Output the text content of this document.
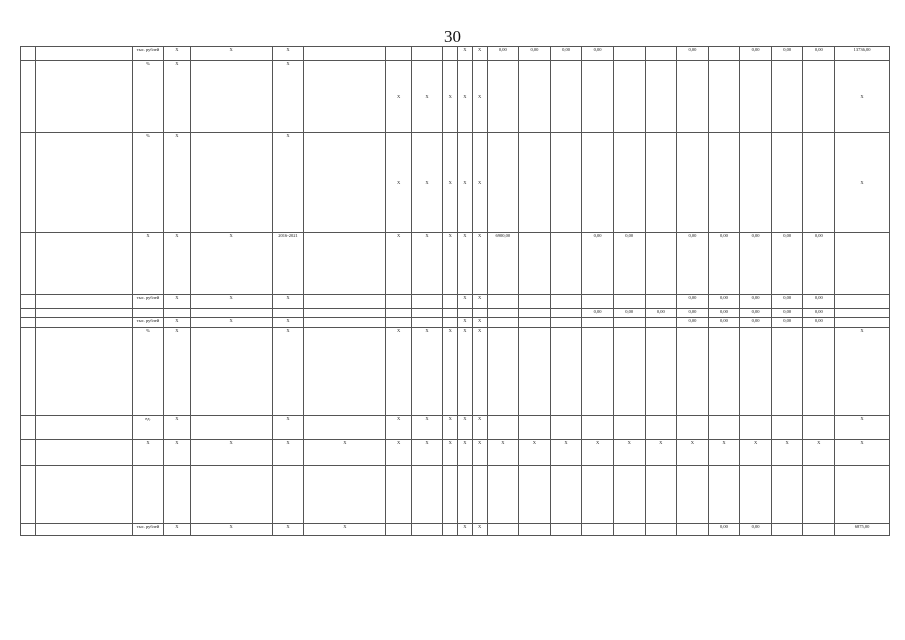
30
		тыс. рублей	Х	Х	Х					Х	Х	0,00	0,00	0,00	0,00			0,00		0,00	0,00	0,00	13736,00
		%	Х		Х		Х	Х	Х	Х	Х												Х
		%	Х		Х		Х	Х	Х	Х	Х												Х
		Х	Х	Х	2016-2021		Х	Х	Х	Х	Х	6900,00			0,00	0,00		0,00	0,00	0,00	0,00	0,00	
		тыс. рублей	Х	Х	Х					Х	Х							0,00	0,00	0,00	0,00	0,00	
															0,00	0,00	0,00	0,00	0,00	0,00	0,00	0,00	
		тыс. рублей	Х	Х	Х					Х	Х							0,00	0,00	0,00	0,00	0,00	
		%	Х		Х		Х	Х	Х	Х	Х												Х
		ед.	Х		Х		Х	Х	Х	Х	Х												Х
		Х	Х	Х	Х	Х	Х	Х	Х	Х	Х	Х	Х	Х	Х	Х	Х	Х	Х	Х	Х	Х	Х

		тыс. рублей	Х	Х	Х	Х				Х	Х								0,00	0,00			6875,00
